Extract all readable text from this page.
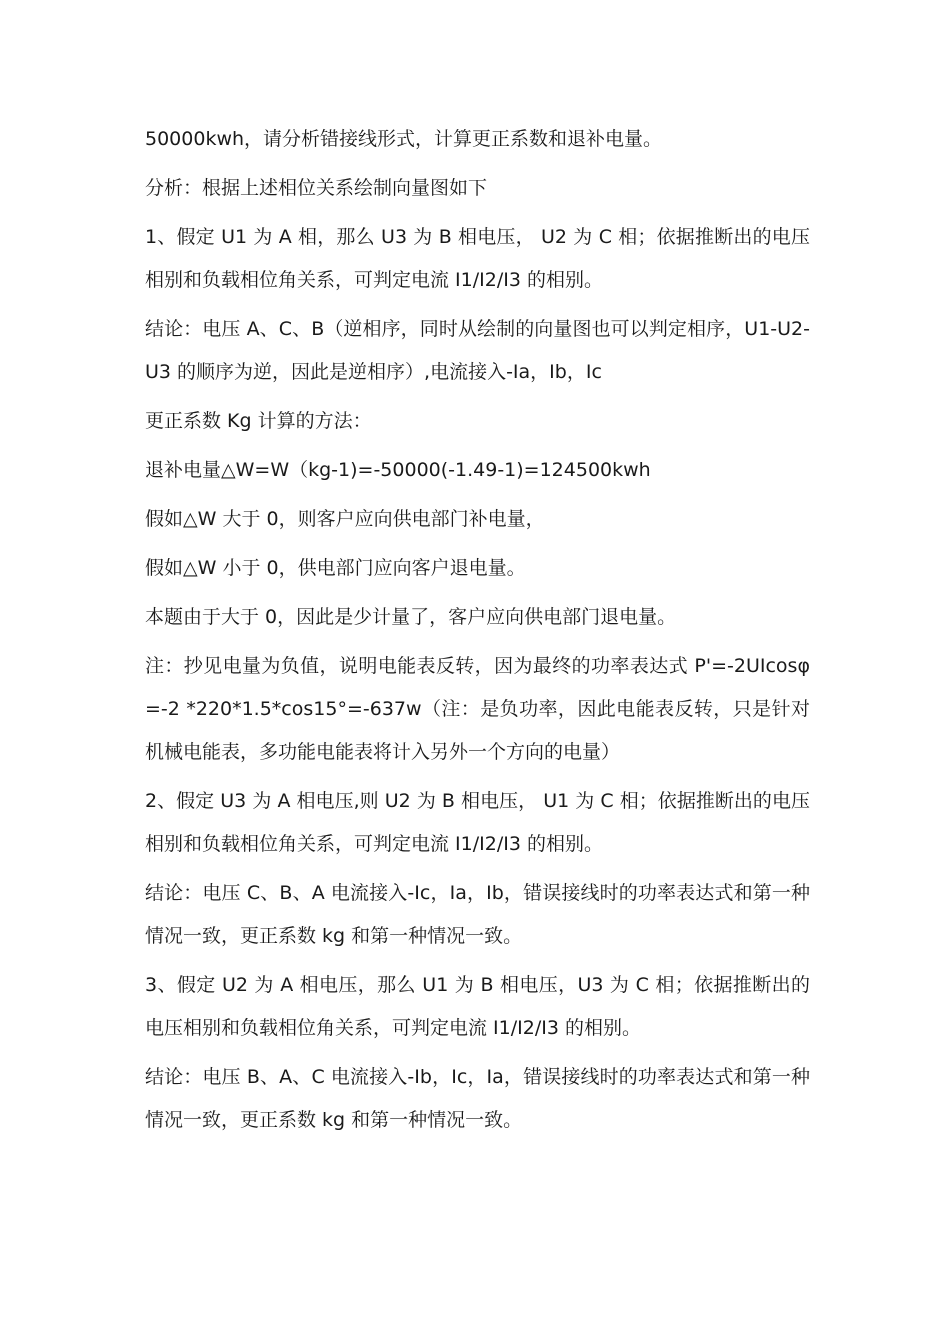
50000kwh，请分析错接线形式，计算更正系数和退补电量。

分析：根据上述相位关系绘制向量图如下

1、假定 U1 为 A 相，那么 U3 为 B 相电压， U2 为 C 相；依据推断出的电压相别和负载相位角关系，可判定电流 I1/I2/I3 的相别。

结论：电压 A、C、B（逆相序，同时从绘制的向量图也可以判定相序，U1-U2-U3 的顺序为逆，因此是逆相序）,电流接入-Ia，Ib，Ic

更正系数 Kg 计算的方法：

退补电量△W=W（kg-1)=-50000(-1.49-1)=124500kwh

假如△W 大于 0，则客户应向供电部门补电量，

假如△W 小于 0，供电部门应向客户退电量。

本题由于大于 0，因此是少计量了，客户应向供电部门退电量。

注：抄见电量为负值，说明电能表反转，因为最终的功率表达式 P'=-2UIcosφ=-2 *220*1.5*cos15°=-637w（注：是负功率，因此电能表反转，只是针对机械电能表，多功能电能表将计入另外一个方向的电量）

2、假定 U3 为 A 相电压,则 U2 为 B 相电压， U1 为 C 相；依据推断出的电压相别和负载相位角关系，可判定电流 I1/I2/I3 的相别。

结论：电压 C、B、A 电流接入-Ic，Ia，Ib，错误接线时的功率表达式和第一种情况一致，更正系数 kg 和第一种情况一致。

3、假定 U2 为 A 相电压，那么 U1 为 B 相电压，U3 为 C 相；依据推断出的电压相别和负载相位角关系，可判定电流 I1/I2/I3 的相别。

结论：电压 B、A、C 电流接入-Ib，Ic，Ia，错误接线时的功率表达式和第一种情况一致，更正系数 kg 和第一种情况一致。
